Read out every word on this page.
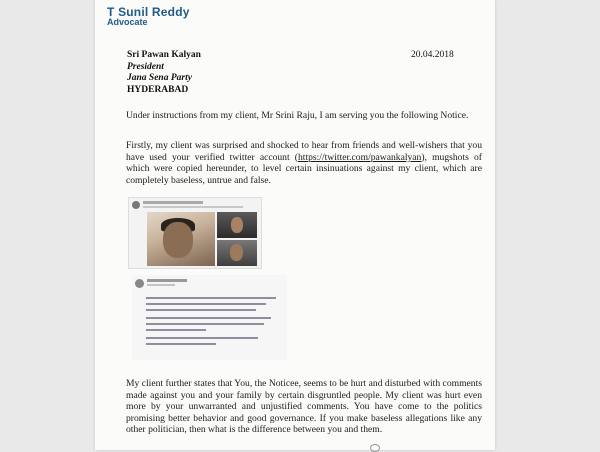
T Sunil Reddy
Advocate
Sri Pawan Kalyan
President
Jana Sena Party
HYDERABAD
20.04.2018
Under instructions from my client, Mr Srini Raju, I am serving you the following Notice.
Firstly, my client was surprised and shocked to hear from friends and well-wishers that you have used your verified twitter account (https://twitter.com/pawankalyan), mugshots of which were copied hereunder, to level certain insinuations against my client, which are completely baseless, untrue and false.
My client further states that You, the Noticee, seems to be hurt and disturbed with comments made against you and your family by certain disgruntled people. My client was hurt even more by your unwarranted and unjustified comments. You have come to the politics promising better behavior and good governance. If you make baseless allegations like any other politician, then what is the difference between you and them.
